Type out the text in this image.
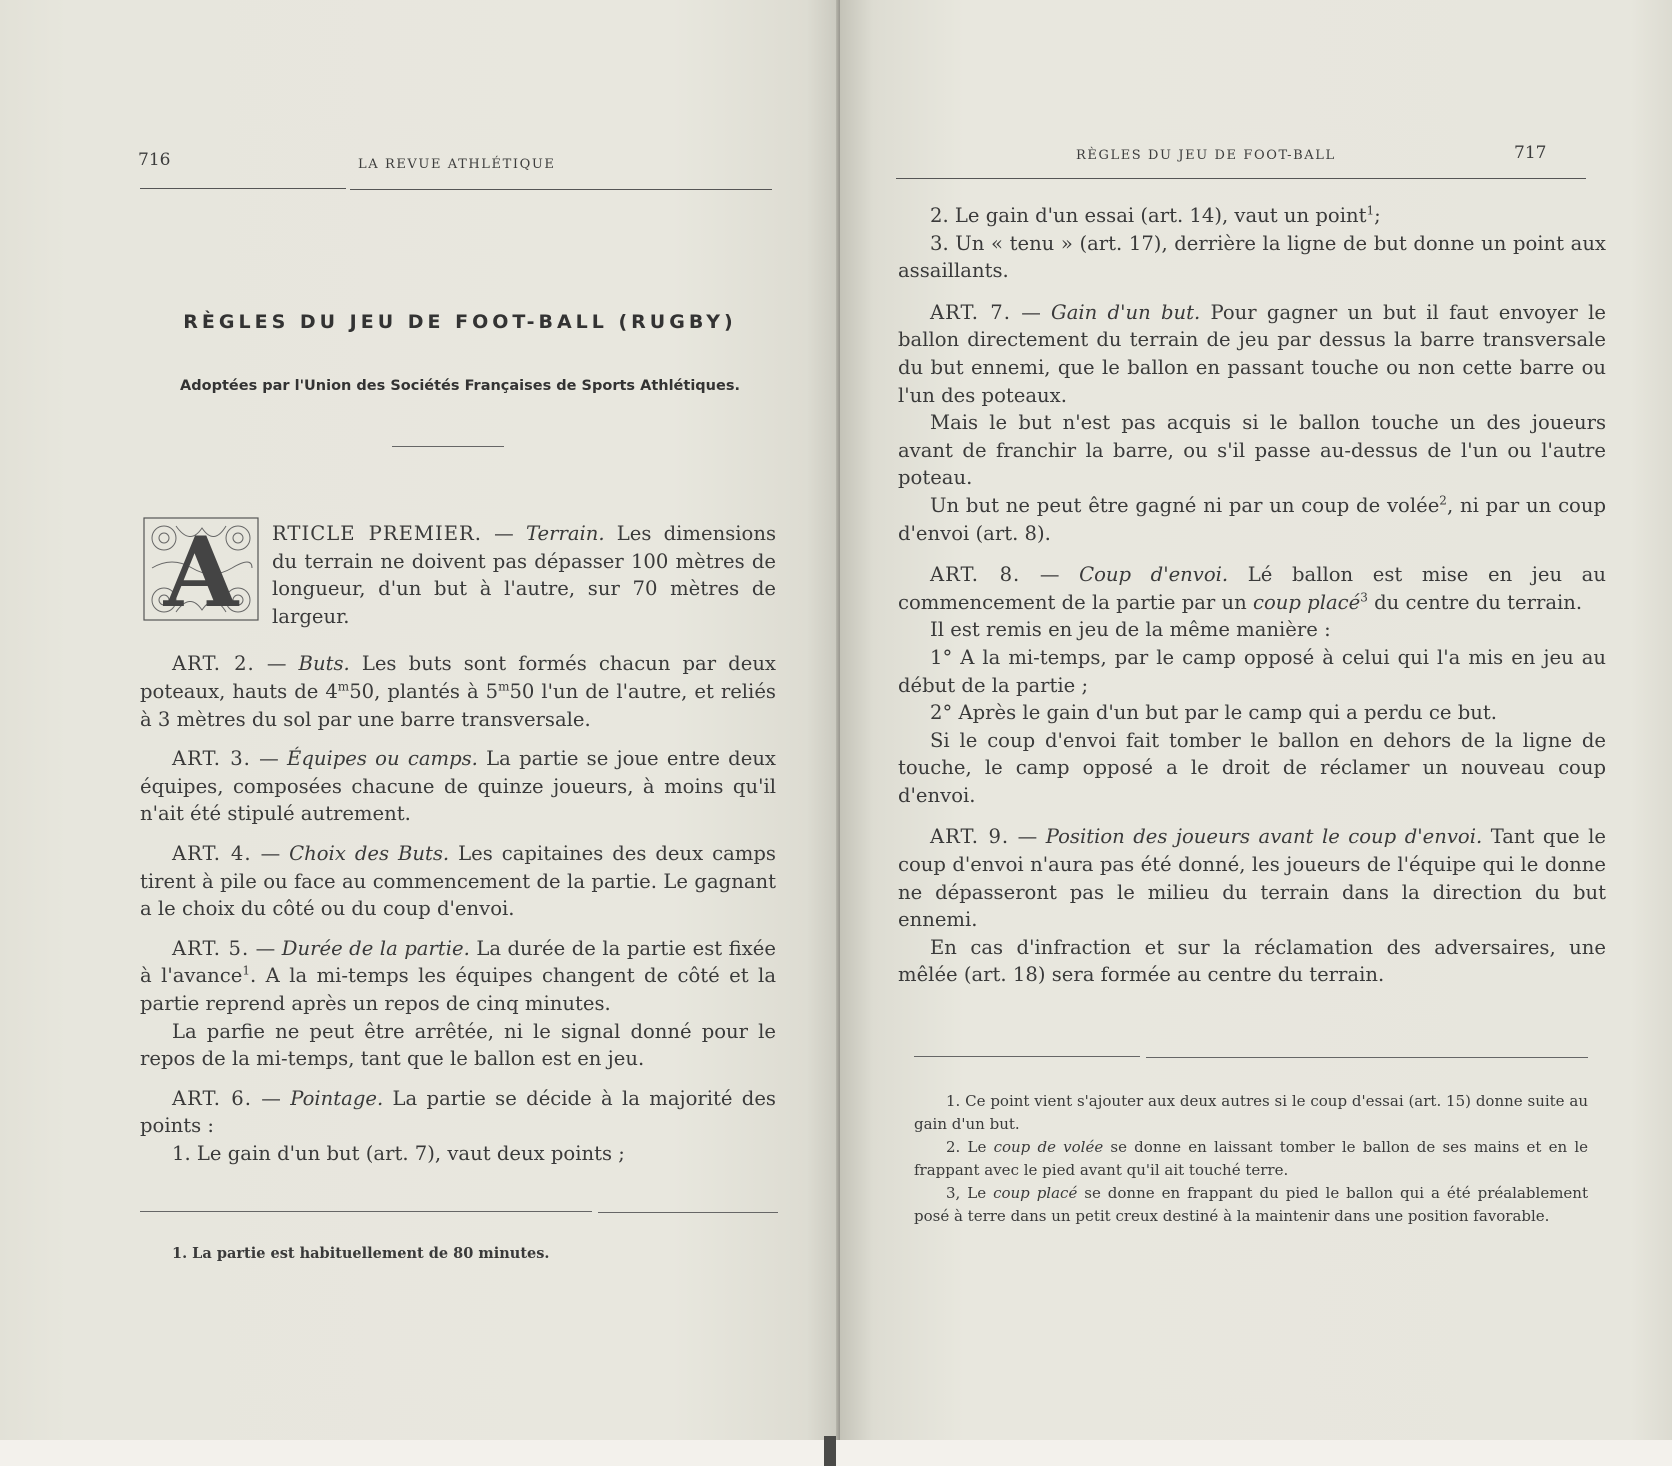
716	LA REVUE ATHLÉTIQUE
RÈGLES DU JEU DE FOOT-BALL (RUGBY)
Adoptées par l'Union des Sociétés Françaises de Sports Athlétiques.
A RTICLE PREMIER. — Terrain. Les dimensions du terrain ne doivent pas dépasser 100 mètres de longueur, d'un but à l'autre, sur 70 mètres de largeur.

ART. 2. — Buts. Les buts sont formés chacun par deux poteaux, hauts de 4$^m$50, plantés à 5$^m$50 l'un de l'autre, et reliés à 3 mètres du sol par une barre transversale.

ART. 3. — Équipes ou camps. La partie se joue entre deux équipes, composées chacune de quinze joueurs, à moins qu'il n'ait été stipulé autrement.

ART. 4. — Choix des Buts. Les capitaines des deux camps tirent à pile ou face au commencement de la partie. Le gagnant a le choix du côté ou du coup d'envoi.

ART. 5. — Durée de la partie. La durée de la partie est fixée à l'avance$^1$. A la mi-temps les équipes changent de côté et la partie reprend après un repos de cinq minutes.

La parfie ne peut être arrêtée, ni le signal donné pour le repos de la mi-temps, tant que le ballon est en jeu.

ART. 6. — Pointage. La partie se décide à la majorité des points :

1. Le gain d'un but (art. 7), vaut deux points ;

1. La partie est habituellement de 80 minutes.
RÈGLES DU JEU DE FOOT-BALL	717

2. Le gain d'un essai (art. 14), vaut un point$^1$;

3. Un « tenu » (art. 17), derrière la ligne de but donne un point aux assaillants.

ART. 7. — Gain d'un but. Pour gagner un but il faut envoyer le ballon directement du terrain de jeu par dessus la barre transversale du but ennemi, que le ballon en passant touche ou non cette barre ou l'un des poteaux.

Mais le but n'est pas acquis si le ballon touche un des joueurs avant de franchir la barre, ou s'il passe au-dessus de l'un ou l'autre poteau.

Un but ne peut être gagné ni par un coup de volée$^2$, ni par un coup d'envoi (art. 8).

ART. 8. — Coup d'envoi. Lé ballon est mise en jeu au commencement de la partie par un coup placé$^3$ du centre du terrain.

Il est remis en jeu de la même manière :

1° A la mi-temps, par le camp opposé à celui qui l'a mis en jeu au début de la partie ;

2° Après le gain d'un but par le camp qui a perdu ce but.

Si le coup d'envoi fait tomber le ballon en dehors de la ligne de touche, le camp opposé a le droit de réclamer un nouveau coup d'envoi.

ART. 9. — Position des joueurs avant le coup d'envoi. Tant que le coup d'envoi n'aura pas été donné, les joueurs de l'équipe qui le donne ne dépasseront pas le milieu du terrain dans la direction du but ennemi.

En cas d'infraction et sur la réclamation des adversaires, une mêlée (art. 18) sera formée au centre du terrain.

1. Ce point vient s'ajouter aux deux autres si le coup d'essai (art. 15) donne suite au gain d'un but.

2. Le coup de volée se donne en laissant tomber le ballon de ses mains et en le frappant avec le pied avant qu'il ait touché terre.

3, Le coup placé se donne en frappant du pied le ballon qui a été préalablement posé à terre dans un petit creux destiné à la maintenir dans une position favorable.
